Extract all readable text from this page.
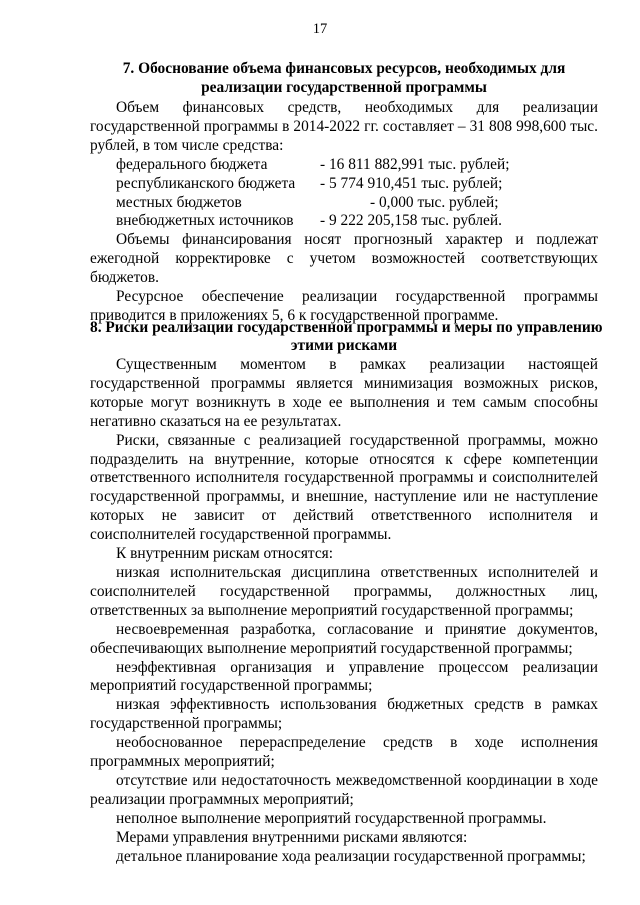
17
7. Обоснование объема финансовых ресурсов, необходимых для
реализации государственной программы
Объем финансовых средств, необходимых для реализации
государственной программы в 2014-2022 гг. составляет – 31 808 998,600 тыс.
рублей, в том числе средства:
федерального бюджета	- 16 811 882,991 тыс. рублей;
республиканского бюджета - 5 774 910,451 тыс. рублей;
местных бюджетов	- 0,000 тыс. рублей;
внебюджетных источников - 9 222 205,158 тыс. рублей.
Объемы финансирования носят прогнозный характер и подлежат
ежегодной корректировке с учетом возможностей соответствующих
бюджетов.
Ресурсное обеспечение реализации государственной программы
приводится в приложениях 5, 6 к государственной программе.
8. Риски реализации государственной программы и меры по управлению
этими рисками
Существенным моментом в рамках реализации настоящей
государственной программы является минимизация возможных рисков,
которые могут возникнуть в ходе ее выполнения и тем самым способны
негативно сказаться на ее результатах.
Риски, связанные с реализацией государственной программы, можно
подразделить на внутренние, которые относятся к сфере компетенции
ответственного исполнителя государственной программы и соисполнителей
государственной программы, и внешние, наступление или не наступление
которых не зависит от действий ответственного исполнителя и
соисполнителей государственной программы.
К внутренним рискам относятся:
низкая исполнительская дисциплина ответственных исполнителей и
соисполнителей государственной программы, должностных лиц,
ответственных за выполнение мероприятий государственной программы;
несвоевременная разработка, согласование и принятие документов,
обеспечивающих выполнение мероприятий государственной программы;
неэффективная организация и управление процессом реализации
мероприятий государственной программы;
низкая эффективность использования бюджетных средств в рамках
государственной программы;
необоснованное перераспределение средств в ходе исполнения
программных мероприятий;
отсутствие или недостаточность межведомственной координации в ходе
реализации программных мероприятий;
неполное выполнение мероприятий государственной программы.
Мерами управления внутренними рисками являются:
детальное планирование хода реализации государственной программы;
